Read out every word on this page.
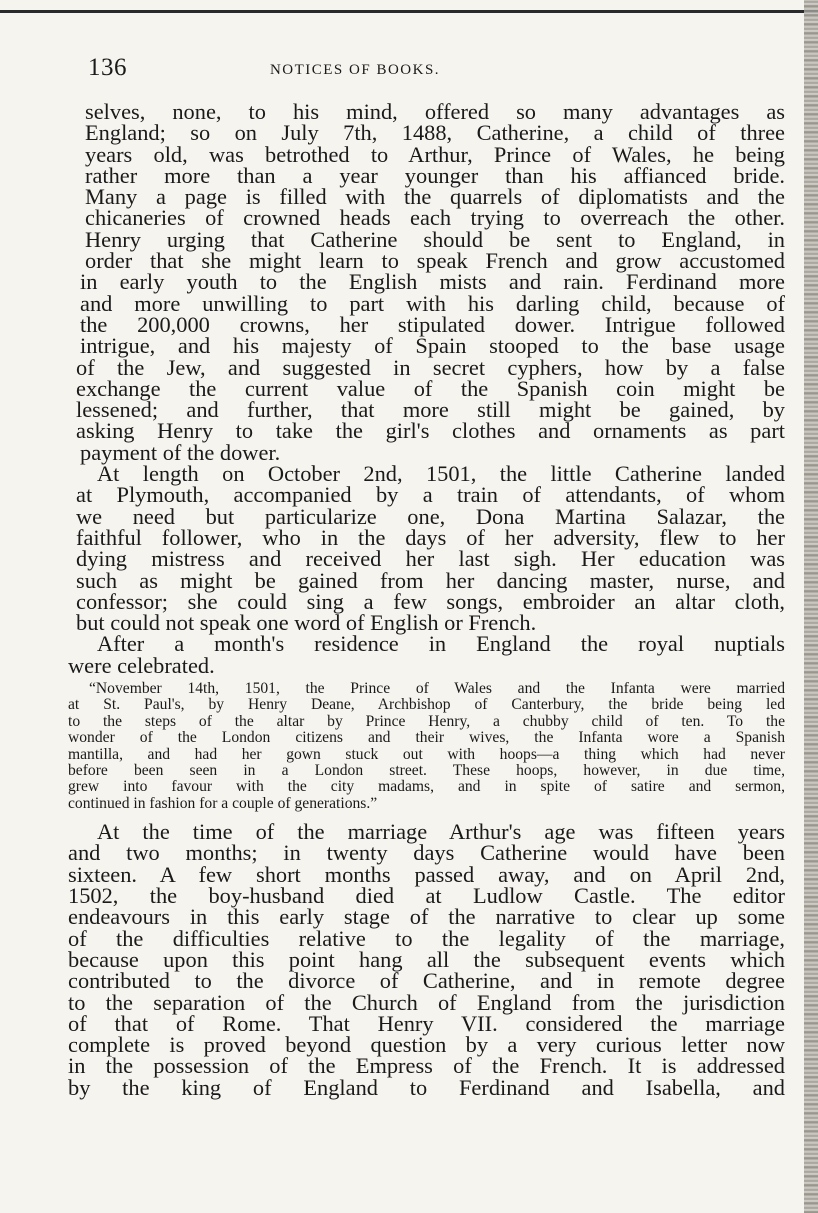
136	NOTICES OF BOOKS.
selves, none, to his mind, offered so many advantages as
England; so on July 7th, 1488, Catherine, a child of three
years old, was betrothed to Arthur, Prince of Wales, he being
rather more than a year younger than his affianced bride.
Many a page is filled with the quarrels of diplomatists and the
chicaneries of crowned heads each trying to overreach the other.
Henry urging that Catherine should be sent to England, in
order that she might learn to speak French and grow accustomed
in early youth to the English mists and rain. Ferdinand more
and more unwilling to part with his darling child, because of
the 200,000 crowns, her stipulated dower. Intrigue followed
intrigue, and his majesty of Spain stooped to the base usage
of the Jew, and suggested in secret cyphers, how by a false
exchange the current value of the Spanish coin might be
lessened; and further, that more still might be gained, by
asking Henry to take the girl's clothes and ornaments as part
payment of the dower.
At length on October 2nd, 1501, the little Catherine landed
at Plymouth, accompanied by a train of attendants, of whom
we need but particularize one, Dona Martina Salazar, the
faithful follower, who in the days of her adversity, flew to her
dying mistress and received her last sigh. Her education was
such as might be gained from her dancing master, nurse, and
confessor; she could sing a few songs, embroider an altar cloth,
but could not speak one word of English or French.
After a month's residence in England the royal nuptials
were celebrated.
“November 14th, 1501, the Prince of Wales and the Infanta were married
at St. Paul's, by Henry Deane, Archbishop of Canterbury, the bride being led
to the steps of the altar by Prince Henry, a chubby child of ten. To the
wonder of the London citizens and their wives, the Infanta wore a Spanish
mantilla, and had her gown stuck out with hoops—a thing which had never
before been seen in a London street. These hoops, however, in due time,
grew into favour with the city madams, and in spite of satire and sermon,
continued in fashion for a couple of generations.”
At the time of the marriage Arthur's age was fifteen years
and two months; in twenty days Catherine would have been
sixteen. A few short months passed away, and on April 2nd,
1502, the boy-husband died at Ludlow Castle. The editor
endeavours in this early stage of the narrative to clear up some
of the difficulties relative to the legality of the marriage,
because upon this point hang all the subsequent events which
contributed to the divorce of Catherine, and in remote degree
to the separation of the Church of England from the jurisdiction
of that of Rome. That Henry VII. considered the marriage
complete is proved beyond question by a very curious letter now
in the possession of the Empress of the French. It is addressed
by the king of England to Ferdinand and Isabella, and
